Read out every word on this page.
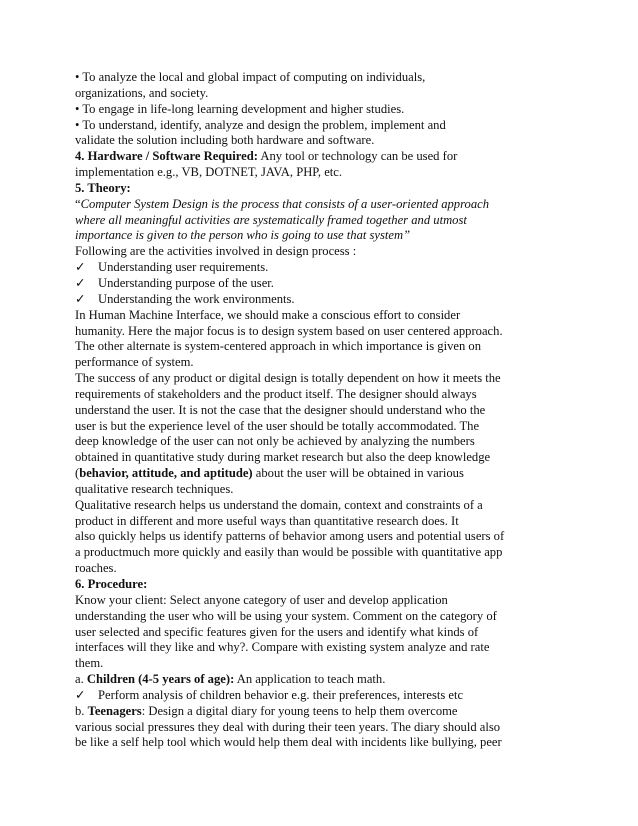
• To analyze the local and global impact of computing on individuals,
organizations, and society.
• To engage in life-long learning development and higher studies.
• To understand, identify, analyze and design the problem, implement and
validate the solution including both hardware and software.
4. Hardware / Software Required: Any tool or technology can be used for
implementation e.g., VB, DOTNET, JAVA, PHP, etc.
5. Theory:
“Computer System Design is the process that consists of a user-oriented approach
where all meaningful activities are systematically framed together and utmost
importance is given to the person who is going to use that system”
Following are the activities involved in design process :
✓ Understanding user requirements.
✓ Understanding purpose of the user.
✓ Understanding the work environments.
In Human Machine Interface, we should make a conscious effort to consider
humanity. Here the major focus is to design system based on user centered approach.
The other alternate is system-centered approach in which importance is given on
performance of system.
The success of any product or digital design is totally dependent on how it meets the
requirements of stakeholders and the product itself. The designer should always
understand the user. It is not the case that the designer should understand who the
user is but the experience level of the user should be totally accommodated. The
deep knowledge of the user can not only be achieved by analyzing the numbers
obtained in quantitative study during market research but also the deep knowledge
(behavior, attitude, and aptitude) about the user will be obtained in various
qualitative research techniques.
Qualitative research helps us understand the domain, context and constraints of a
product in different and more useful ways than quantitative research does. It
also quickly helps us identify patterns of behavior among users and potential users of
a productmuch more quickly and easily than would be possible with quantitative app
roaches.
6. Procedure:
Know your client: Select anyone category of user and develop application
understanding the user who will be using your system. Comment on the category of
user selected and specific features given for the users and identify what kinds of
interfaces will they like and why?. Compare with existing system analyze and rate
them.
a. Children (4-5 years of age): An application to teach math.
✓ Perform analysis of children behavior e.g. their preferences, interests etc
b. Teenagers: Design a digital diary for young teens to help them overcome
various social pressures they deal with during their teen years. The diary should also
be like a self help tool which would help them deal with incidents like bullying, peer
